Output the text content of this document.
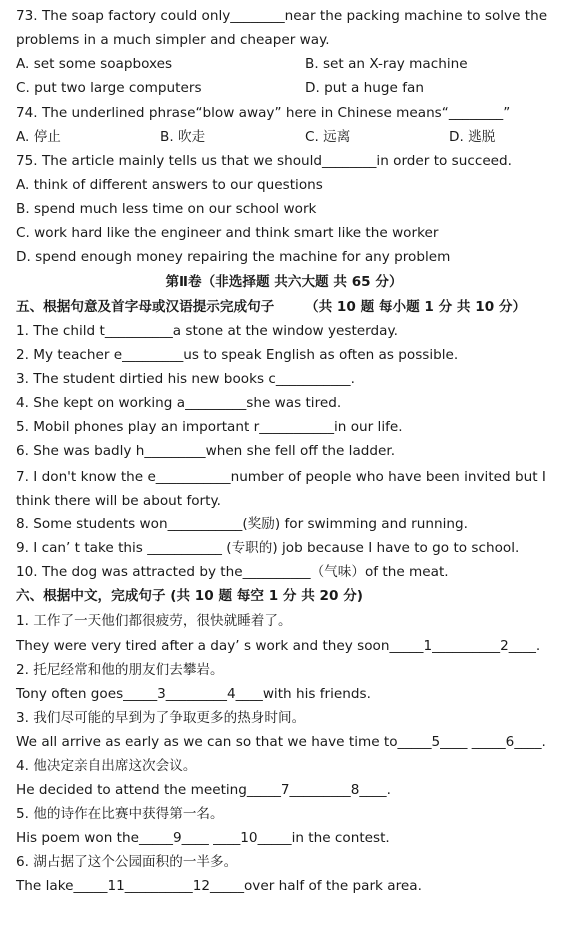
73. The soap factory could only________near the packing machine to solve the
problems in a much simpler and cheaper way.
A. set some soapboxes	B. set an X-ray machine
C. put two large computers	D. put a huge fan
74. The underlined phrase“blow away” here in Chinese means“________”
A. 停止	B. 吹走	C. 远离	D. 逃脱
75. The article mainly tells us that we should________in order to succeed.
A. think of different answers to our questions
B. spend much less time on our school work
C. work hard like the engineer and think smart like the worker
D. spend enough money repairing the machine for any problem
第Ⅱ卷（非选择题 共六大题 共 65 分）
五、根据句意及首字母或汉语提示完成句子 （共 10 题 每小题 1 分 共 10 分）
1. The child t__________a stone at the window yesterday.
2. My teacher e_________us to speak English as often as possible.
3. The student dirtied his new books c___________.
4. She kept on working a_________she was tired.
5. Mobil phones play an important r___________in our life.
6. She was badly h_________when she fell off the ladder.
7. I don't know the e___________number of people who have been invited but I
think there will be about forty.
8. Some students won___________(奖励) for swimming and running.
9. I can’ t take this ___________ (专职的) job because I have to go to school.
10. The dog was attracted by the__________（气味）of the meat.
六、根据中文，完成句子 (共 10 题 每空 1 分 共 20 分)
1. 工作了一天他们都很疲劳，很快就睡着了。
They were very tired after a day’ s work and they soon_____1__________2____.
2. 托尼经常和他的朋友们去攀岩。
Tony often goes_____3_________4____with his friends.
3. 我们尽可能的早到为了争取更多的热身时间。
We all arrive as early as we can so that we have time to_____5____ _____6____.
4. 他决定亲自出席这次会议。
He decided to attend the meeting_____7_________8____.
5. 他的诗作在比赛中获得第一名。
His poem won the_____9____ ____10_____in the contest.
6. 湖占据了这个公园面积的一半多。
The lake_____11__________12_____over half of the park area.
